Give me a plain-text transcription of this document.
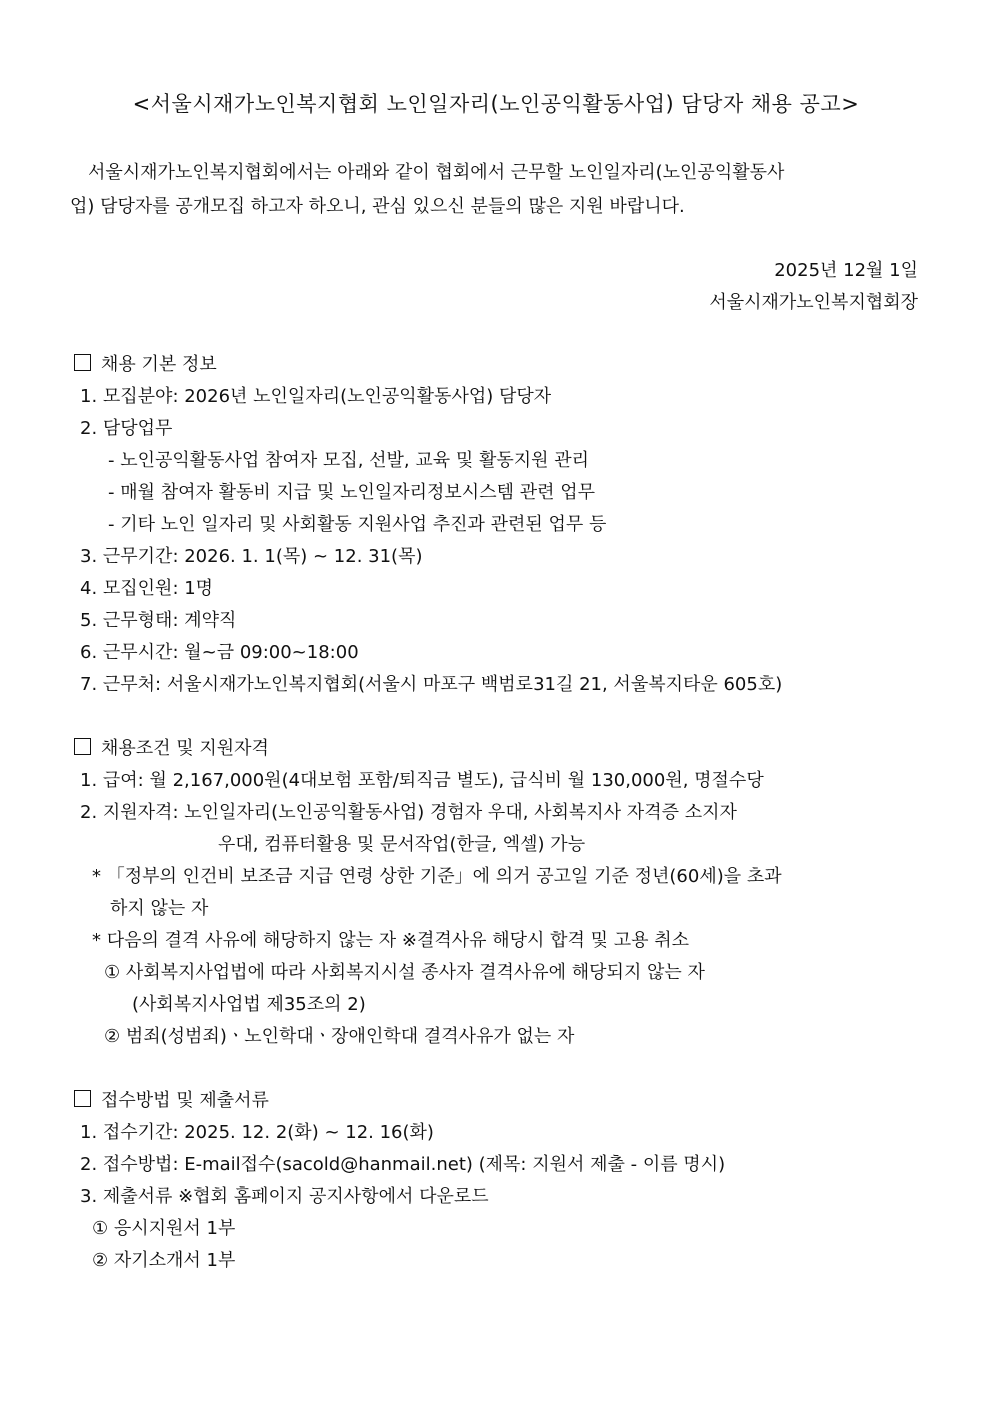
<서울시재가노인복지협회 노인일자리(노인공익활동사업) 담당자 채용 공고>
서울시재가노인복지협회에서는 아래와 같이 협회에서 근무할 노인일자리(노인공익활동사
업) 담당자를 공개모집 하고자 하오니, 관심 있으신 분들의 많은 지원 바랍니다.
2025년 12월 1일
서울시재가노인복지협회장
채용 기본 정보
1. 모집분야: 2026년 노인일자리(노인공익활동사업) 담당자
2. 담당업무
- 노인공익활동사업 참여자 모집, 선발, 교육 및 활동지원 관리
- 매월 참여자 활동비 지급 및 노인일자리정보시스템 관련 업무
- 기타 노인 일자리 및 사회활동 지원사업 추진과 관련된 업무 등
3. 근무기간: 2026. 1. 1(목) ~ 12. 31(목)
4. 모집인원: 1명
5. 근무형태: 계약직
6. 근무시간: 월~금 09:00~18:00
7. 근무처: 서울시재가노인복지협회(서울시 마포구 백범로31길 21, 서울복지타운 605호)
채용조건 및 지원자격
1. 급여: 월 2,167,000원(4대보험 포함/퇴직금 별도), 급식비 월 130,000원, 명절수당
2. 지원자격: 노인일자리(노인공익활동사업) 경험자 우대, 사회복지사 자격증 소지자
우대, 컴퓨터활용 및 문서작업(한글, 엑셀) 가능
* 「정부의 인건비 보조금 지급 연령 상한 기준」에 의거 공고일 기준 정년(60세)을 초과
하지 않는 자
* 다음의 결격 사유에 해당하지 않는 자 ※결격사유 해당시 합격 및 고용 취소
① 사회복지사업법에 따라 사회복지시설 종사자 결격사유에 해당되지 않는 자
(사회복지사업법 제35조의 2)
② 범죄(성범죄)ㆍ노인학대ㆍ장애인학대 결격사유가 없는 자
접수방법 및 제출서류
1. 접수기간: 2025. 12. 2(화) ~ 12. 16(화)
2. 접수방법: E-mail접수(sacold@hanmail.net) (제목: 지원서 제출 - 이름 명시)
3. 제출서류 ※협회 홈페이지 공지사항에서 다운로드
① 응시지원서 1부
② 자기소개서 1부
